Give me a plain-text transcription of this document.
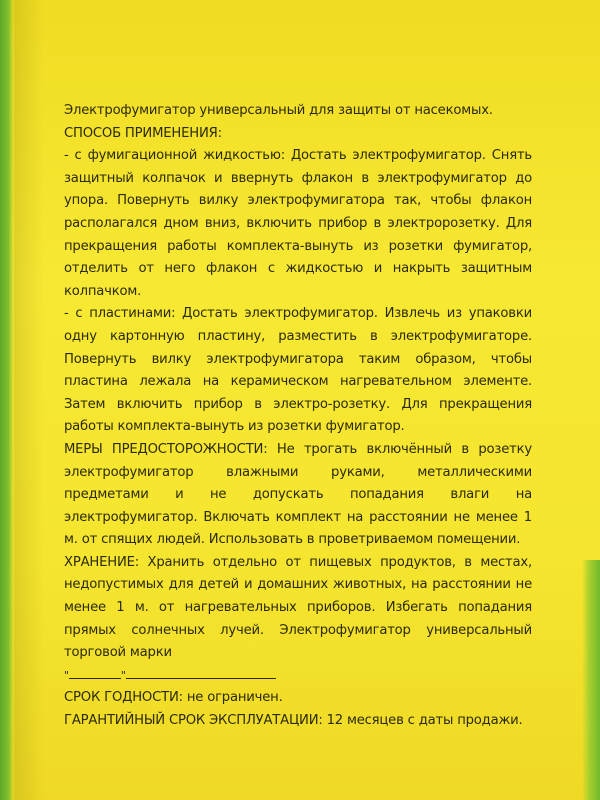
Электрофумигатор универсальный для защиты от насекомых.

СПОСОБ ПРИМЕНЕНИЯ:

- с фумигационной жидкостью: Достать электрофумигатор. Снять защитный колпачок и ввернуть флакон в электрофумигатор до упора. Повернуть вилку электрофумигатора так, чтобы флакон располагался дном вниз, включить прибор в электророзетку. Для прекращения работы комплекта-вынуть из розетки фумигатор, отделить от него флакон с жидкостью и накрыть защитным колпачком.

- с пластинами: Достать электрофумигатор. Извлечь из упаковки одну картонную пластину, разместить в электрофумигаторе. Повернуть вилку электрофумигатора таким образом, чтобы пластина лежала на керамическом нагревательном элементе. Затем включить прибор в электро-розетку. Для прекращения работы комплекта-вынуть из розетки фумигатор.

МЕРЫ ПРЕДОСТОРОЖНОСТИ: Не трогать включённый в розетку электрофумигатор влажными руками, металлическими предметами и не допускать попадания влаги на электрофумигатор. Включать комплект на расстоянии не менее 1 м. от спящих людей. Использовать в проветриваемом помещении.

ХРАНЕНИЕ: Хранить отдельно от пищевых продуктов, в местах, недопустимых для детей и домашних животных, на расстоянии не менее 1 м. от нагревательных приборов. Избегать попадания прямых солнечных лучей. Электрофумигатор универсальный торговой марки

"	"

СРОК ГОДНОСТИ: не ограничен.

ГАРАНТИЙНЫЙ СРОК ЭКСПЛУАТАЦИИ: 12 месяцев с даты продажи.
